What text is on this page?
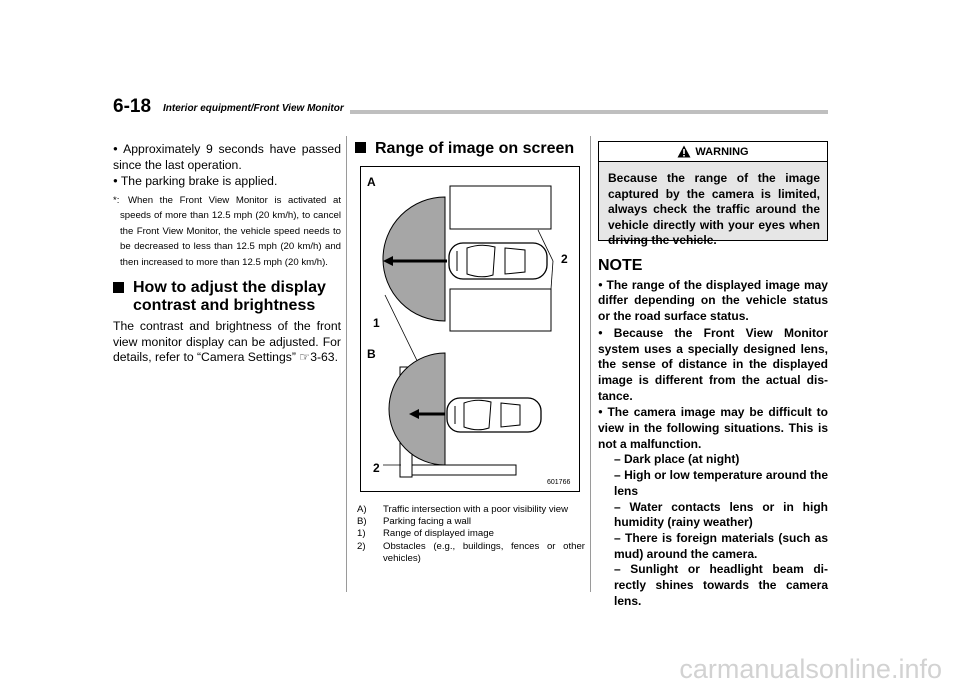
6-18 Interior equipment/Front View Monitor

● Approximately 9 seconds have passed since the last operation.

● The parking brake is applied.

*: When the Front View Monitor is activated at speeds of more than 12.5 mph (20 km/h), to cancel the Front View Monitor, the vehicle speed needs to be decreased to less than 12.5 mph (20 km/h) and then increased to more than 12.5 mph (20 km/h).

How to adjust the display contrast and brightness

The contrast and brightness of the front view monitor display can be adjusted. For details, refer to “Camera Settings” ☞3-63.

Range of image on screen
A
2
1
B
2
601766
A)	Traffic intersection with a poor visibility view
B)	Parking facing a wall
1)	Range of displayed image
2)	Obstacles (e.g., buildings, fences or other vehicles)
WARNING
Because the range of the image captured by the camera is limited, always check the traffic around the vehicle directly with your eyes when driving the vehicle.

NOTE

● The range of the displayed image may differ depending on the vehicle status or the road surface status.

● Because the Front View Monitor system uses a specially designed lens, the sense of distance in the displayed image is different from the actual dis-tance.

● The camera image may be difficult to view in the following situations. This is not a malfunction.

– Dark place (at night)

– High or low temperature around the lens

– Water contacts lens or in high humidity (rainy weather)

– There is foreign materials (such as mud) around the camera.

– Sunlight or headlight beam di-rectly shines towards the camera lens.

carmanualsonline.info
